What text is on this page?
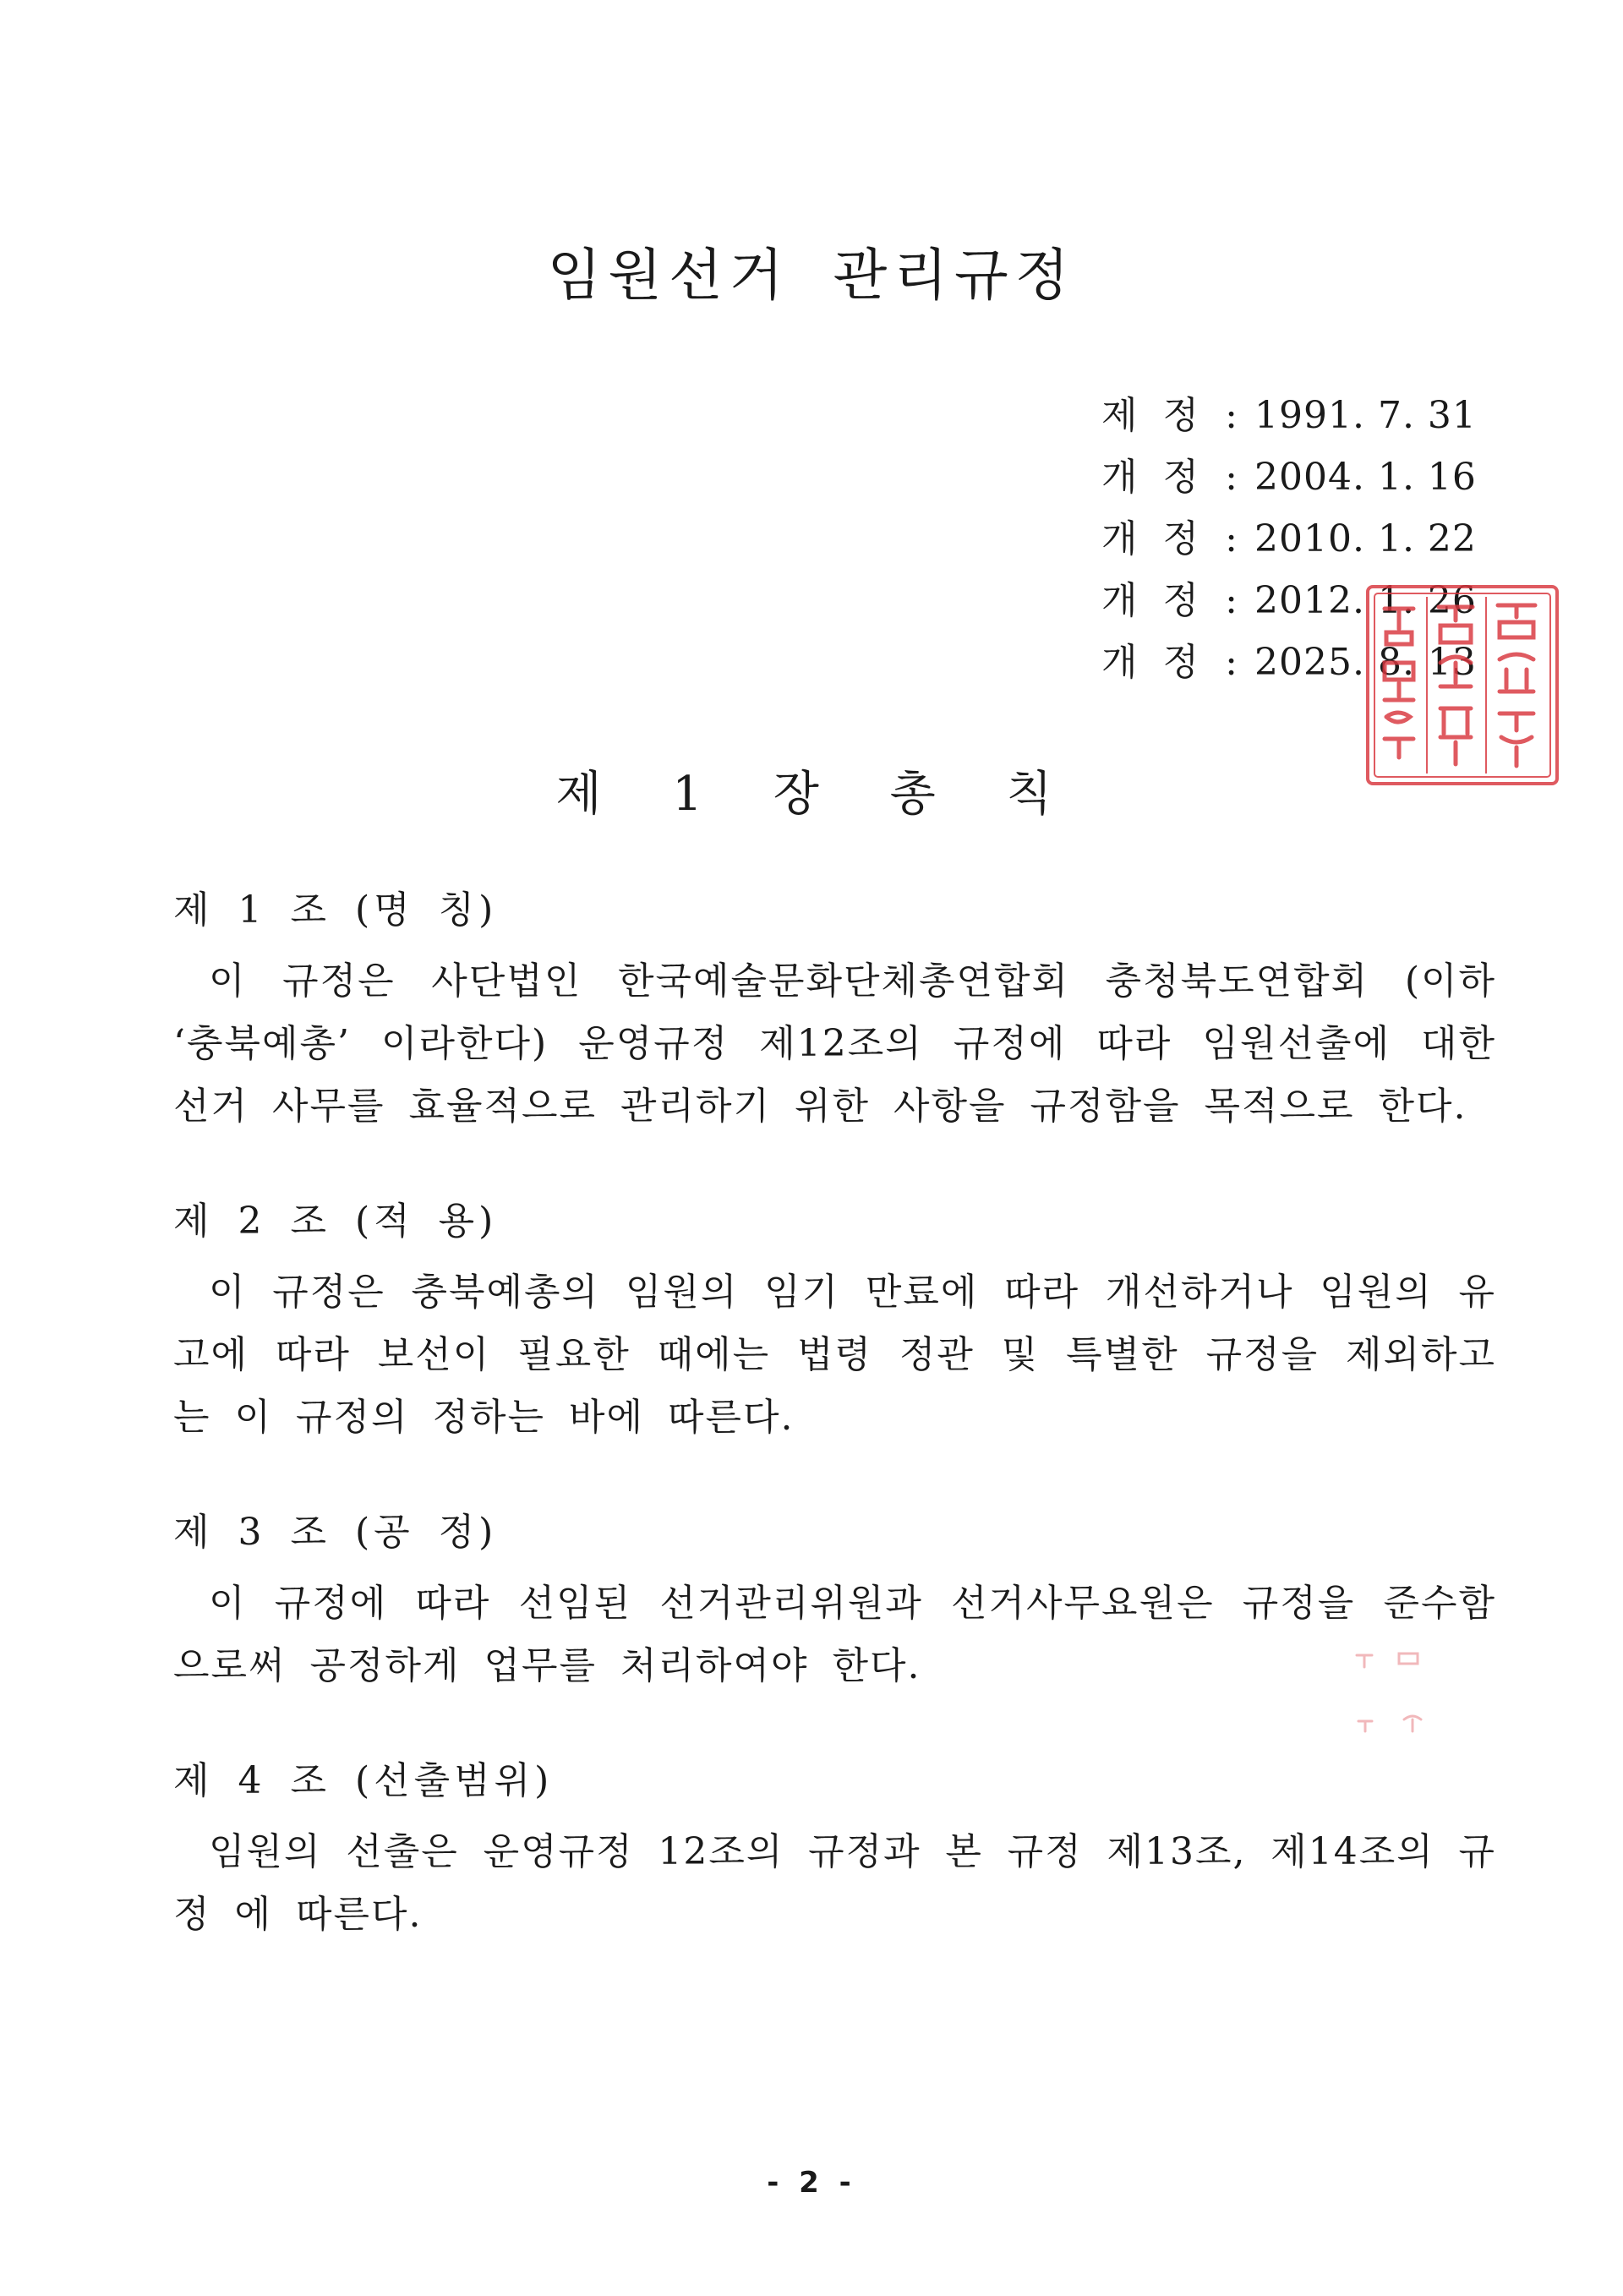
임원선거 관리규정
제 정 : 1991. 7. 31
개 정 : 2004. 1. 16
개 정 : 2010. 1. 22
개 정 : 2012. 1. 26
개 정 : 2025. 8. 13
제 1 장 총 칙
제 1 조 (명 칭)
이 규정은 사단법인 한국예술문화단체총연합회 충청북도연합회 (이하 ‘충북예총’ 이라한다) 운영규정 제12조의 규정에 따라 임원선출에 대한 선거 사무를 효율적으로 관리하기 위한 사항을 규정함을 목적으로 한다.
제 2 조 (적 용)
이 규정은 충북예총의 임원의 임기 만료에 따라 개선하거나 임원의 유고에 따라 보선이 필요한 때에는 법령 정관 및 특별한 규정을 제외하고는 이 규정의 정하는 바에 따른다.
제 3 조 (공 정)
이 규정에 따라 선임된 선거관리위원과 선거사무요원은 규정을 준수함 으로써 공정하게 업무를 처리하여야 한다.
제 4 조 (선출범위)
임원의 선출은 운영규정 12조의 규정과 본 규정 제13조, 제14조의 규정 에 따른다.
- 2 -
